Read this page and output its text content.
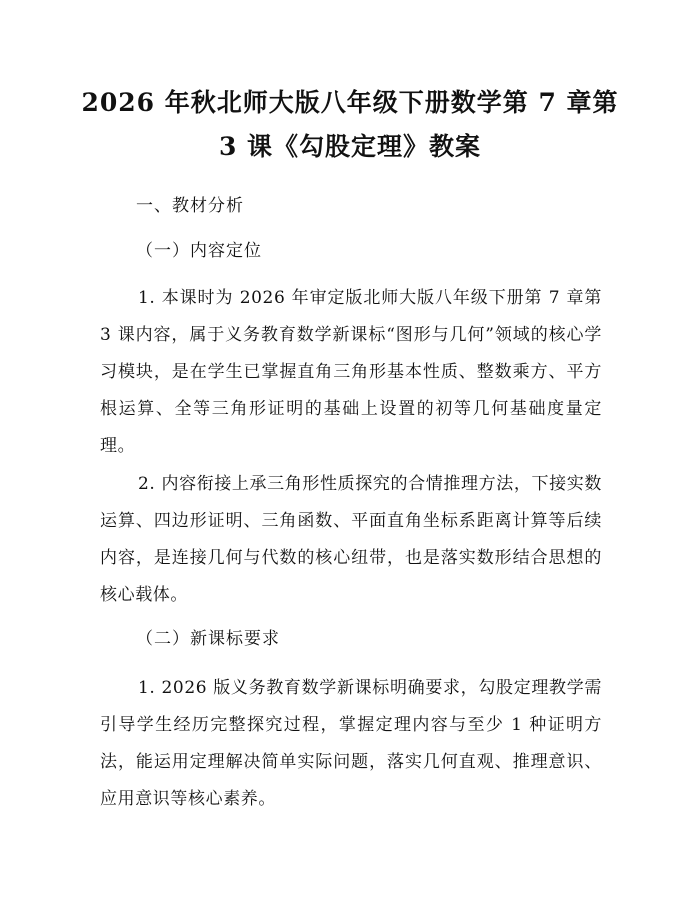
2026 年秋北师大版八年级下册数学第 7 章第
3 课《勾股定理》教案
一、教材分析
（一）内容定位
1. 本课时为 2026 年审定版北师大版八年级下册第 7 章第 3 课内容，属于义务教育数学新课标“图形与几何”领域的核心学习模块，是在学生已掌握直角三角形基本性质、整数乘方、平方根运算、全等三角形证明的基础上设置的初等几何基础度量定理。
2. 内容衔接上承三角形性质探究的合情推理方法，下接实数运算、四边形证明、三角函数、平面直角坐标系距离计算等后续内容，是连接几何与代数的核心纽带，也是落实数形结合思想的核心载体。
（二）新课标要求
1. 2026 版义务教育数学新课标明确要求，勾股定理教学需引导学生经历完整探究过程，掌握定理内容与至少 1 种证明方法，能运用定理解决简单实际问题，落实几何直观、推理意识、应用意识等核心素养。
